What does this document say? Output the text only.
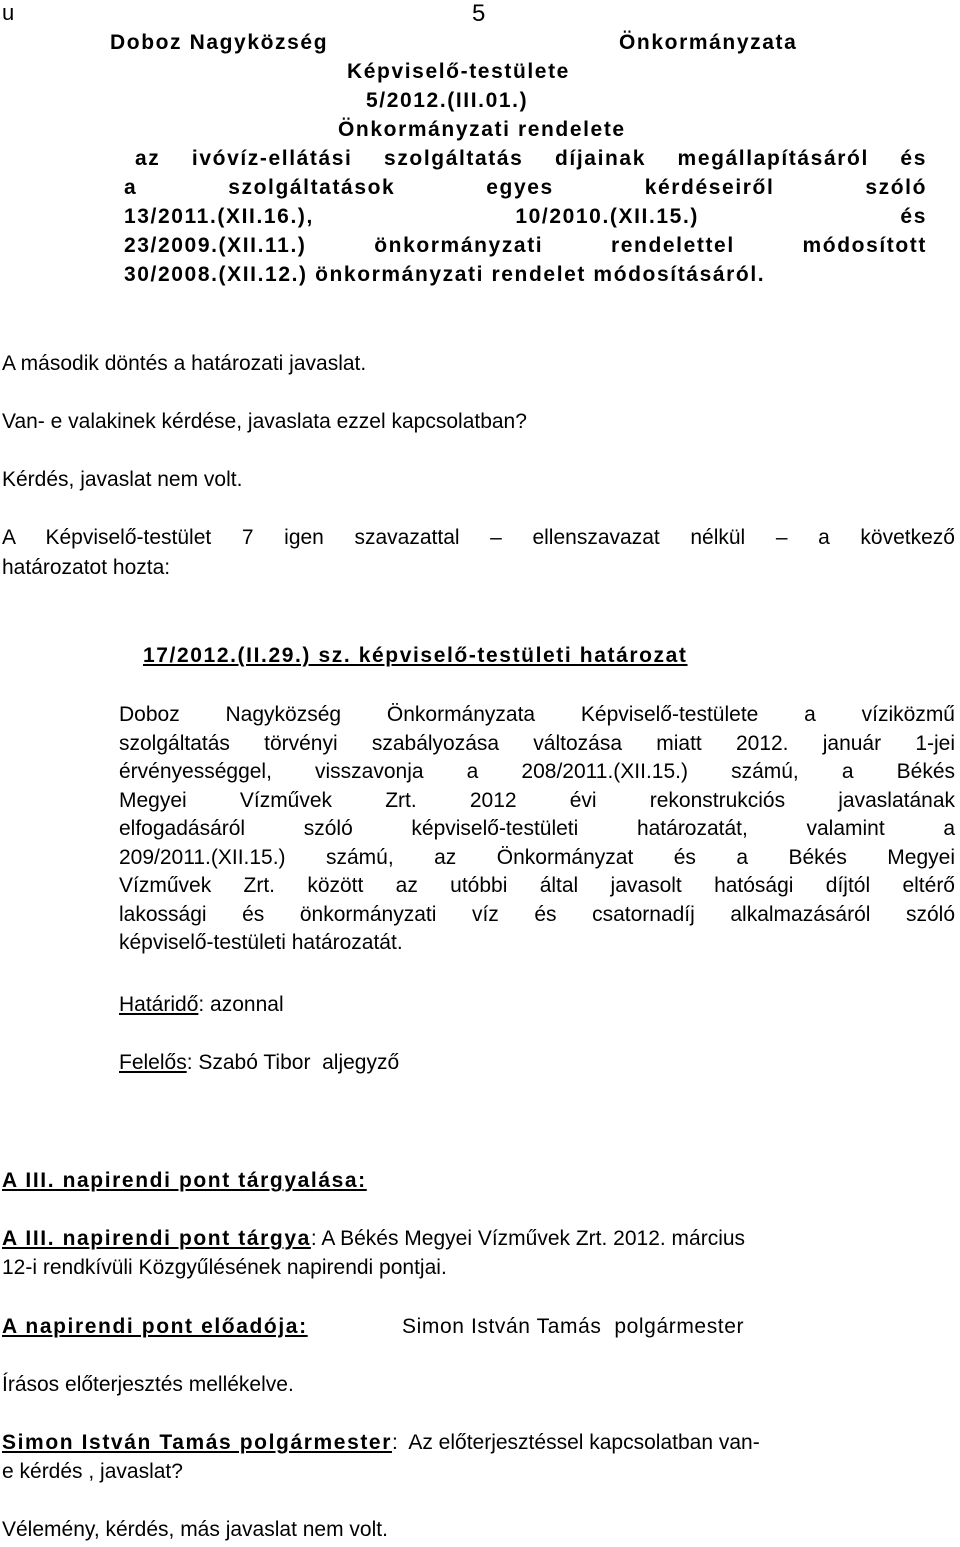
u	5
Doboz Nagyközség	Önkormányzata
Képviselő-testülete
5/2012.(III.01.)
Önkormányzati rendelete
az ivóvíz-ellátási szolgáltatás díjainak megállapításáról és
a szolgáltatások egyes kérdéseiről szóló
13/2011.(XII.16.), 10/2010.(XII.15.) és
23/2009.(XII.11.) önkormányzati rendelettel módosított
30/2008.(XII.12.) önkormányzati rendelet módosításáról.
A második döntés a határozati javaslat.
Van- e valakinek kérdése, javaslata ezzel kapcsolatban?
Kérdés, javaslat nem volt.
A Képviselő-testület 7 igen szavazattal – ellenszavazat nélkül – a következő
határozatot hozta:
17/2012.(II.29.) sz. képviselő-testületi határozat
Doboz Nagyközség Önkormányzata Képviselő-testülete a víziközmű
szolgáltatás törvényi szabályozása változása miatt 2012. január 1-jei
érvényességgel, visszavonja a 208/2011.(XII.15.) számú, a Békés
Megyei Vízművek Zrt. 2012 évi rekonstrukciós javaslatának
elfogadásáról szóló képviselő-testületi határozatát, valamint a
209/2011.(XII.15.) számú, az Önkormányzat és a Békés Megyei
Vízművek Zrt. között az utóbbi által javasolt hatósági díjtól eltérő
lakossági és önkormányzati víz és csatornadíj alkalmazásáról szóló
képviselő-testületi határozatát.
Határidő: azonnal
Felelős: Szabó Tibor  aljegyző
A III. napirendi pont tárgyalása:
A III. napirendi pont tárgya: A Békés Megyei Vízművek Zrt. 2012. március
12-i rendkívüli Közgyűlésének napirendi pontjai.
A napirendi pont előadója:	Simon István Tamás  polgármester
Írásos előterjesztés mellékelve.
Simon István Tamás polgármester:  Az előterjesztéssel kapcsolatban van-
e kérdés , javaslat?
Vélemény, kérdés, más javaslat nem volt.
